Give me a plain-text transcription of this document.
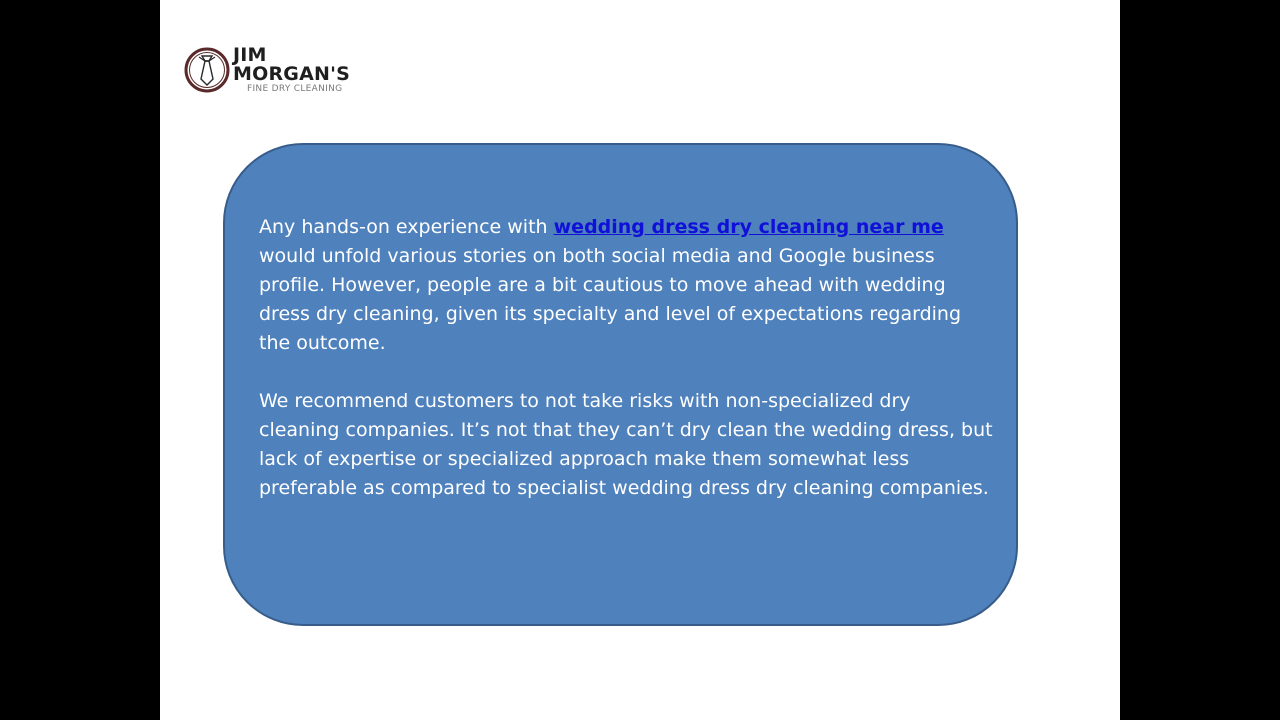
JIM MORGAN'S
FINE DRY CLEANING

Any hands-on experience with wedding dress dry cleaning near me would unfold various stories on both social media and Google business profile. However, people are a bit cautious to move ahead with wedding dress dry cleaning, given its specialty and level of expectations regarding the outcome.

We recommend customers to not take risks with non-specialized dry cleaning companies. It’s not that they can’t dry clean the wedding dress, but lack of expertise or specialized approach make them somewhat less preferable as compared to specialist wedding dress dry cleaning companies.
